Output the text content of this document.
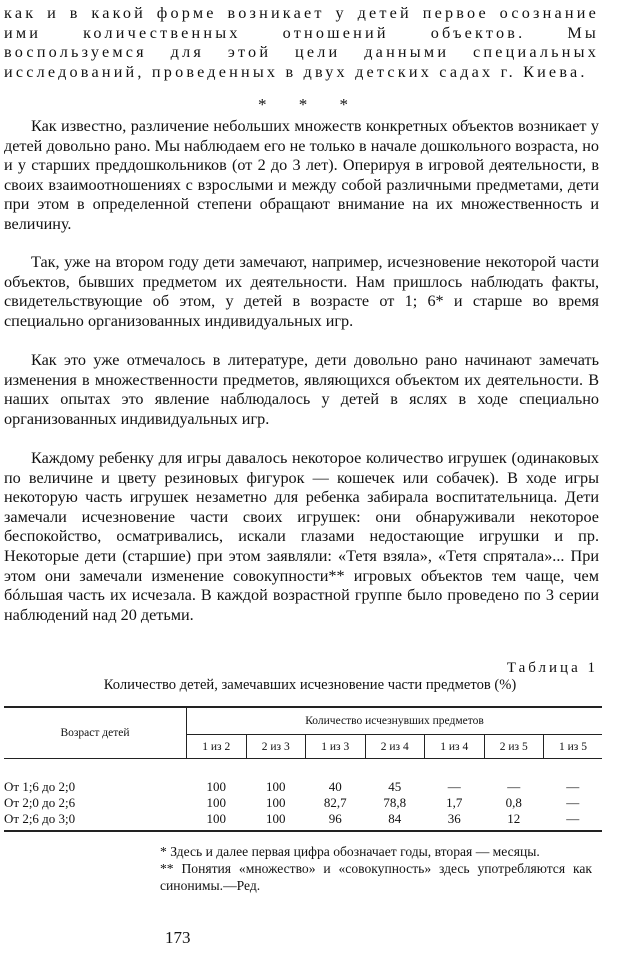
как и в какой форме возникает у детей первое осознание ими количественных отношений объектов. Мы воспользуемся для этой цели данными специальных исследований, проведенных в двух детских садах г. Киева.

* * *

Как известно, различение небольших множеств конкретных объектов возникает у детей довольно рано. Мы наблюдаем его не только в начале дошкольного возраста, но и у старших преддошкольников (от 2 до 3 лет). Оперируя в игровой деятельности, в своих взаимоотношениях с взрослыми и между собой различными предметами, дети при этом в определенной степени обращают внимание на их множественность и величину.

Так, уже на втором году дети замечают, например, исчезновение некоторой части объектов, бывших предметом их деятельности. Нам пришлось наблюдать факты, свидетельствующие об этом, у детей в возрасте от 1; 6* и старше во время специально организованных индивидуальных игр.

Как это уже отмечалось в литературе, дети довольно рано начинают замечать изменения в множественности предметов, являющихся объектом их деятельности. В наших опытах это явление наблюдалось у детей в яслях в ходе специально организованных индивидуальных игр.

Каждому ребенку для игры давалось некоторое количество игрушек (одинаковых по величине и цвету резиновых фигурок — кошечек или собачек). В ходе игры некоторую часть игрушек незаметно для ребенка забирала воспитательница. Дети замечали исчезновение части своих игрушек: они обнаруживали некоторое беспокойство, осматривались, искали глазами недостающие игрушки и пр. Некоторые дети (старшие) при этом заявляли: «Тетя взяла», «Тетя спрятала»... При этом они замечали изменение совокупности** игровых объектов тем чаще, чем бóльшая часть их исчезала. В каждой возрастной группе было проведено по 3 серии наблюдений над 20 детьми.

Таблица 1
Количество детей, замечавших исчезновение части предметов (%)
Возраст детей	Количество исчезнувших предметов						
	1 из 2	2 из 3	1 из 3	2 из 4	1 из 4	2 из 5	1 из 5
От 1;6 до 2;0	100	100	40	45	—	—	—
От 2;0 до 2;6	100	100	82,7	78,8	1,7	0,8	—
От 2;6 до 3;0	100	100	96	84	36	12	—

* Здесь и далее первая цифра обозначает годы, вторая — месяцы.

** Понятия «множество» и «совокупность» здесь употребляются как синонимы.—Ред.

173
